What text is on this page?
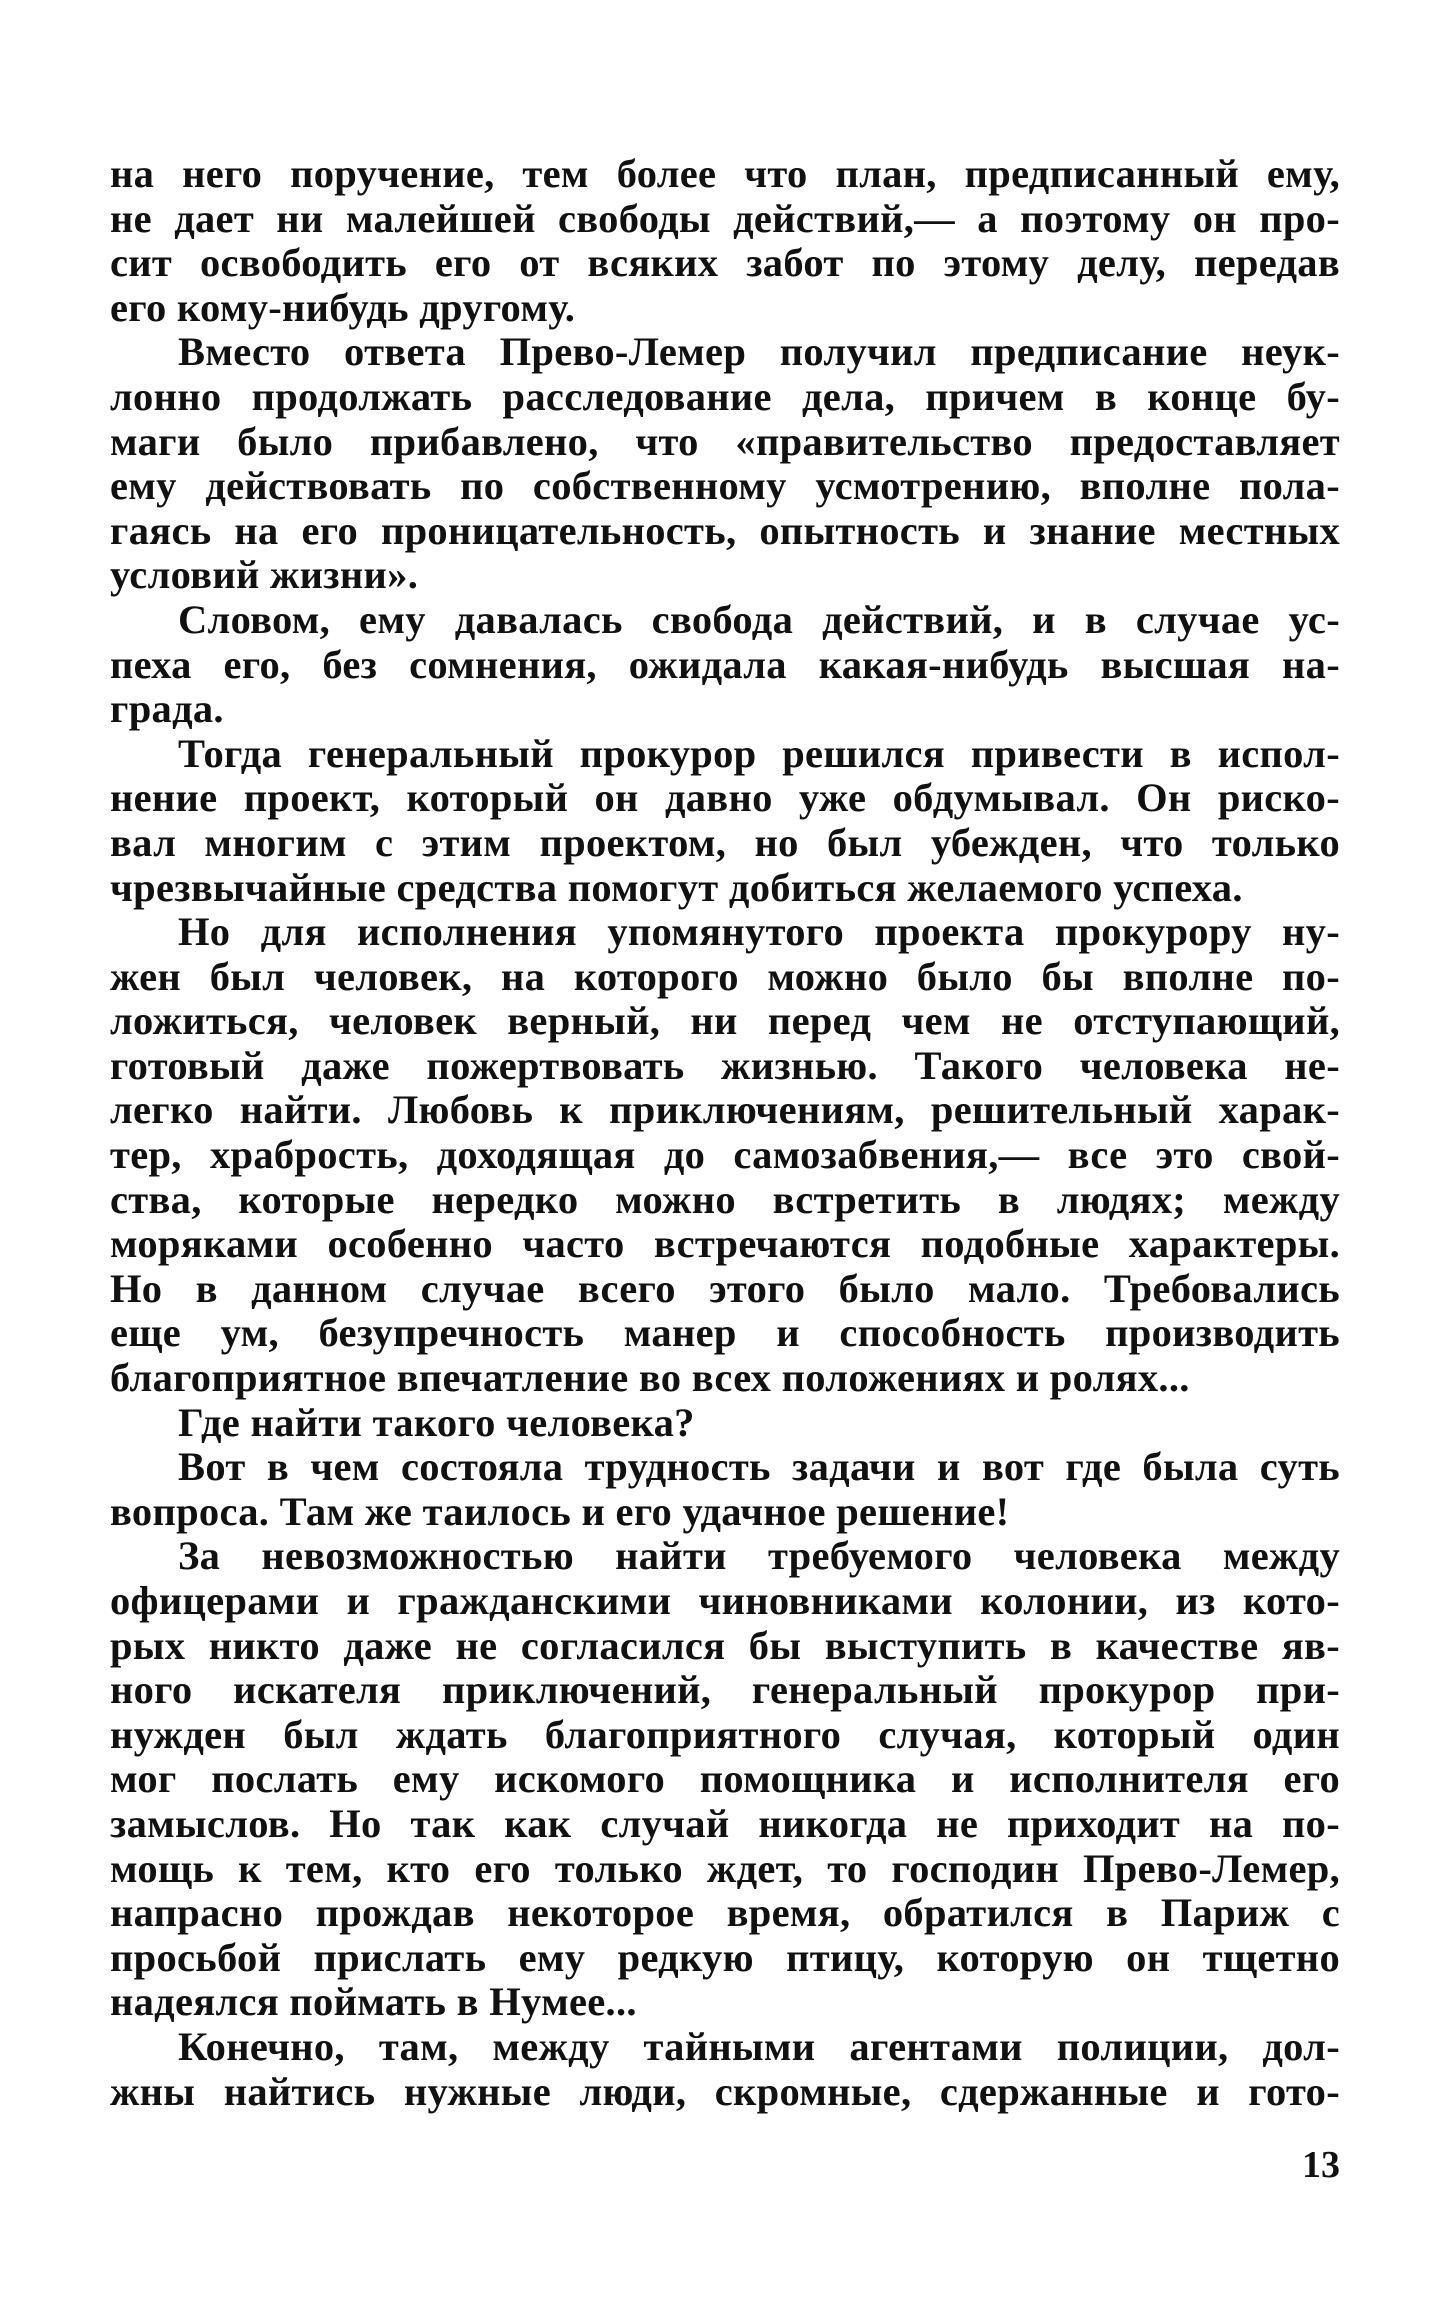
на него поручение, тем более что план, предписанный ему,
не дает ни малейшей свободы действий,— а поэтому он про-
сит освободить его от всяких забот по этому делу, передав
его кому-нибудь другому.
Вместо ответа Прево-Лемер получил предписание неук-
лонно продолжать расследование дела, причем в конце бу-
маги было прибавлено, что «правительство предоставляет
ему действовать по собственному усмотрению, вполне пола-
гаясь на его проницательность, опытность и знание местных
условий жизни».
Словом, ему давалась свобода действий, и в случае ус-
пеха его, без сомнения, ожидала какая-нибудь высшая на-
града.
Тогда генеральный прокурор решился привести в испол-
нение проект, который он давно уже обдумывал. Он риско-
вал многим с этим проектом, но был убежден, что только
чрезвычайные средства помогут добиться желаемого успеха.
Но для исполнения упомянутого проекта прокурору ну-
жен был человек, на которого можно было бы вполне по-
ложиться, человек верный, ни перед чем не отступающий,
готовый даже пожертвовать жизнью. Такого человека не-
легко найти. Любовь к приключениям, решительный харак-
тер, храбрость, доходящая до самозабвения,— все это свой-
ства, которые нередко можно встретить в людях; между
моряками особенно часто встречаются подобные характеры.
Но в данном случае всего этого было мало. Требовались
еще ум, безупречность манер и способность производить
благоприятное впечатление во всех положениях и ролях...
Где найти такого человека?
Вот в чем состояла трудность задачи и вот где была суть
вопроса. Там же таилось и его удачное решение!
За невозможностью найти требуемого человека между
офицерами и гражданскими чиновниками колонии, из кото-
рых никто даже не согласился бы выступить в качестве яв-
ного искателя приключений, генеральный прокурор при-
нужден был ждать благоприятного случая, который один
мог послать ему искомого помощника и исполнителя его
замыслов. Но так как случай никогда не приходит на по-
мощь к тем, кто его только ждет, то господин Прево-Лемер,
напрасно прождав некоторое время, обратился в Париж с
просьбой прислать ему редкую птицу, которую он тщетно
надеялся поймать в Нумее...
Конечно, там, между тайными агентами полиции, дол-
жны найтись нужные люди, скромные, сдержанные и гото-
13
